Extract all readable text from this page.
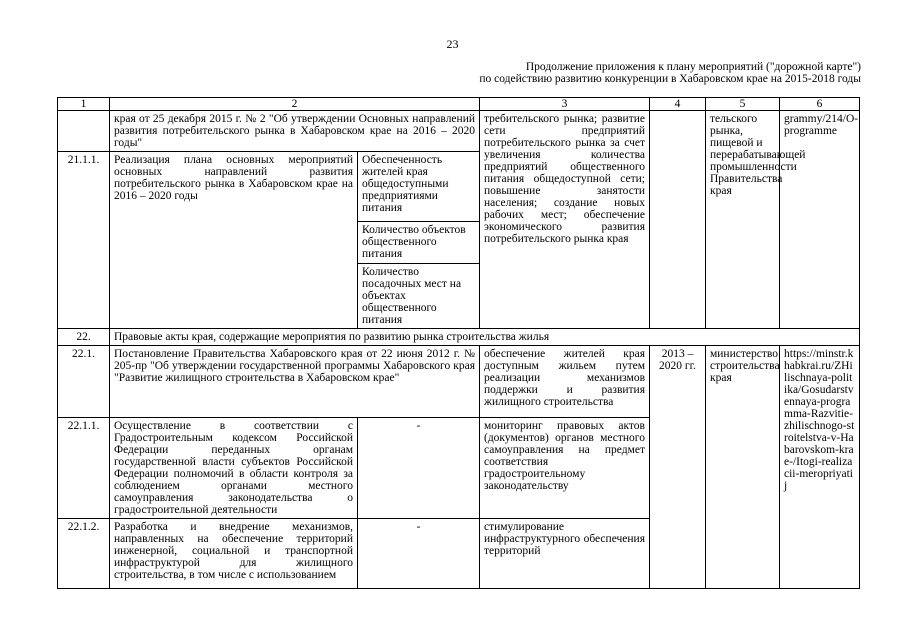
23
Продолжение приложения к плану мероприятий ("дорожной карте")
по содействию развитию конкуренции в Хабаровском крае на 2015-2018 годы
1	2		3	4	5	6
	края от 25 декабря 2015 г. № 2 "Об утверждении Основных направлений развития потребительского рынка в Хабаровском крае на 2016 – 2020 годы"		требительского рынка; развитие сети предприятий потребительского рынка за счет увеличения количества предприятий общественного питания общедоступной сети; повышение занятости населения; создание новых рабочих мест; обеспечение экономического развития потребительского рынка края		тельского рынка, пищевой и перерабатывающей промышленности Правительства края	grammy/214/O-programme
21.1.1.	Реализация плана основных мероприятий основных направлений развития потребительского рынка в Хабаровском крае на 2016 – 2020 годы	Обеспеченность жителей края общедоступными предприятиями питания				
		Количество объектов общественного питания				
		Количество посадочных мест на объектах общественного питания				
22.	Правовые акты края, содержащие мероприятия по развитию рынка строительства жилья					
22.1.	Постановление Правительства Хабаровского края от 22 июня 2012 г. № 205-пр "Об утверждении государственной программы Хабаровского края "Развитие жилищного строительства в Хабаровском крае"		обеспечение жителей края доступным жильем путем реализации механизмов поддержки и развития жилищного строительства	2013 – 2020 гг.	министерство строительства края	https://minstr.khabkrai.ru/ZHilischnaya-politika/Gosudarstvennaya-programma-Razvitie-zhilischnogo-stroitelstva-v-Habarovskom-krae-/Itogi-realizacii-meropriyatij
22.1.1.	Осуществление в соответствии с Градостроительным кодексом Российской Федерации переданных органам государственной власти субъектов Российской Федерации полномочий в области контроля за соблюдением органами местного самоуправления законодательства о градостроительной деятельности	-	мониторинг правовых актов (документов) органов местного самоуправления на предмет соответствия градостроительному законодательству			
22.1.2.	Разработка и внедрение механизмов, направленных на обеспечение территорий инженерной, социальной и транспортной инфраструктурой для жилищного строительства, в том числе с использованием	-	стимулирование инфраструктурного обеспечения территорий			
